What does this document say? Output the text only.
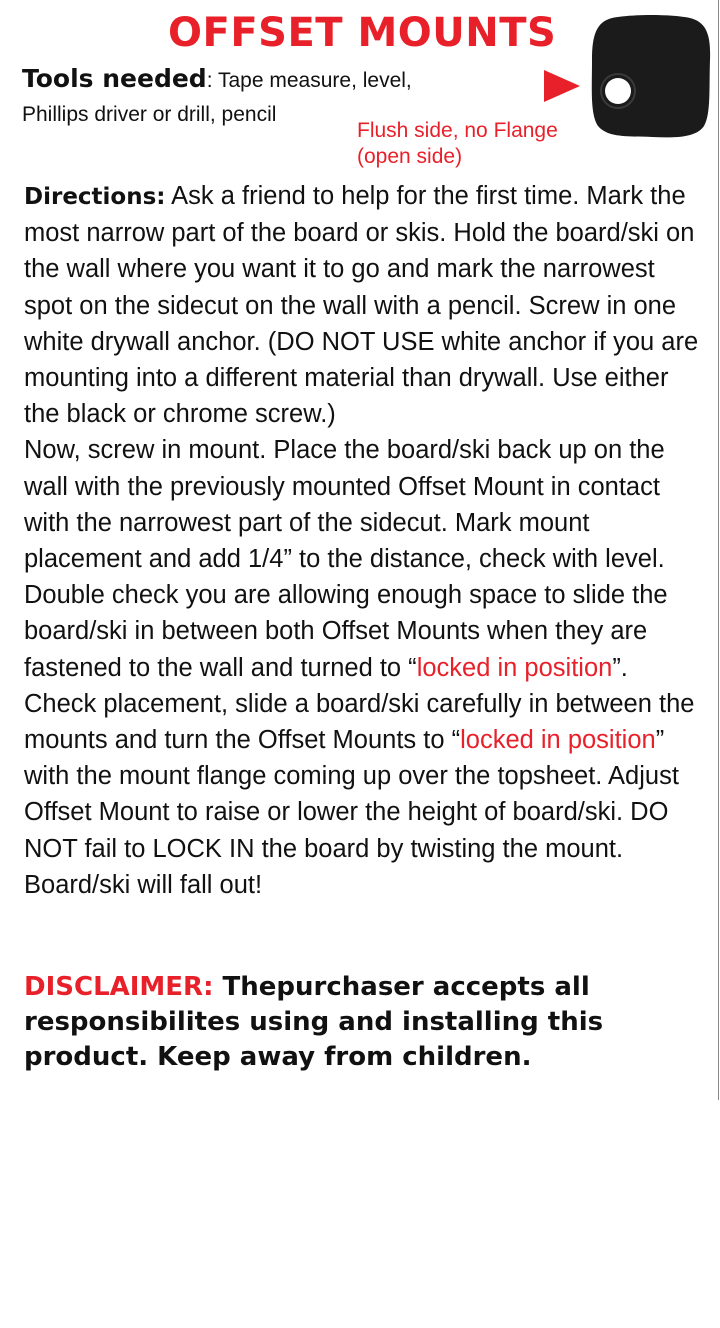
OFFSET MOUNTS

Tools needed: Tape measure, level, Phillips driver or drill, pencil

Flush side, no Flange
(open side)

Directions: Ask a friend to help for the first time. Mark the most narrow part of the board or skis. Hold the board/ski on the wall where you want it to go and mark the narrowest spot on the sidecut on the wall with a pencil. Screw in one white drywall anchor. (DO NOT USE white anchor if you are mounting into a different material than drywall. Use either the black or chrome screw.)
Now, screw in mount. Place the board/ski back up on the wall with the previously mounted Offset Mount in contact with the narrowest part of the sidecut. Mark mount placement and add 1/4” to the distance, check with level. Double check you are allowing enough space to slide the board/ski in between both Offset Mounts when they are fastened to the wall and turned to “locked in position”. Check placement, slide a board/ski carefully in between the mounts and turn the Offset Mounts to “locked in position” with the mount flange coming up over the topsheet. Adjust Offset Mount to raise or lower the height of board/ski. DO NOT fail to LOCK IN the board by twisting the mount. Board/ski will fall out!

DISCLAIMER: Thepurchaser accepts all responsibilites using and installing this product. Keep away from children.
